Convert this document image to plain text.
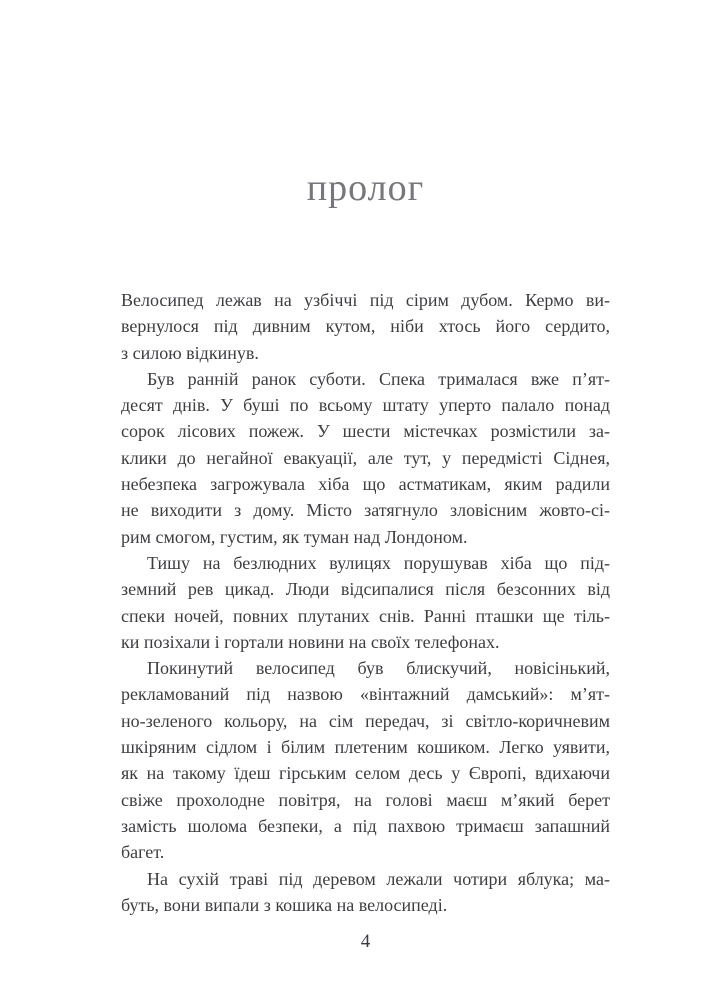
пролог
Велосипед лежав на узбіччі під сірим дубом. Кермо ви-
вернулося під дивним кутом, ніби хтось його сердито,
з силою відкинув.
Був ранній ранок суботи. Спека трималася вже п’ят-
десят днів. У буші по всьому штату уперто палало понад
сорок лісових пожеж. У шести містечках розмістили за-
клики до негайної евакуації, але тут, у передмісті Сіднея,
небезпека загрожувала хіба що астматикам, яким радили
не виходити з дому. Місто затягнуло зловісним жовто-сі-
рим смогом, густим, як туман над Лондоном.
Тишу на безлюдних вулицях порушував хіба що під-
земний рев цикад. Люди відсипалися після безсонних від
спеки ночей, повних плутаних снів. Ранні пташки ще тіль-
ки позіхали і гортали новини на своїх телефонах.
Покинутий велосипед був блискучий, новісінький,
рекламований під назвою «вінтажний дамський»: м’ят-
но-зеленого кольору, на сім передач, зі світло-коричневим
шкіряним сідлом і білим плетеним кошиком. Легко уявити,
як на такому їдеш гірським селом десь у Європі, вдихаючи
свіже прохолодне повітря, на голові маєш м’який берет
замість шолома безпеки, а під пахвою тримаєш запашний
багет.
На сухій траві під деревом лежали чотири яблука; ма-
буть, вони випали з кошика на велосипеді.
4
